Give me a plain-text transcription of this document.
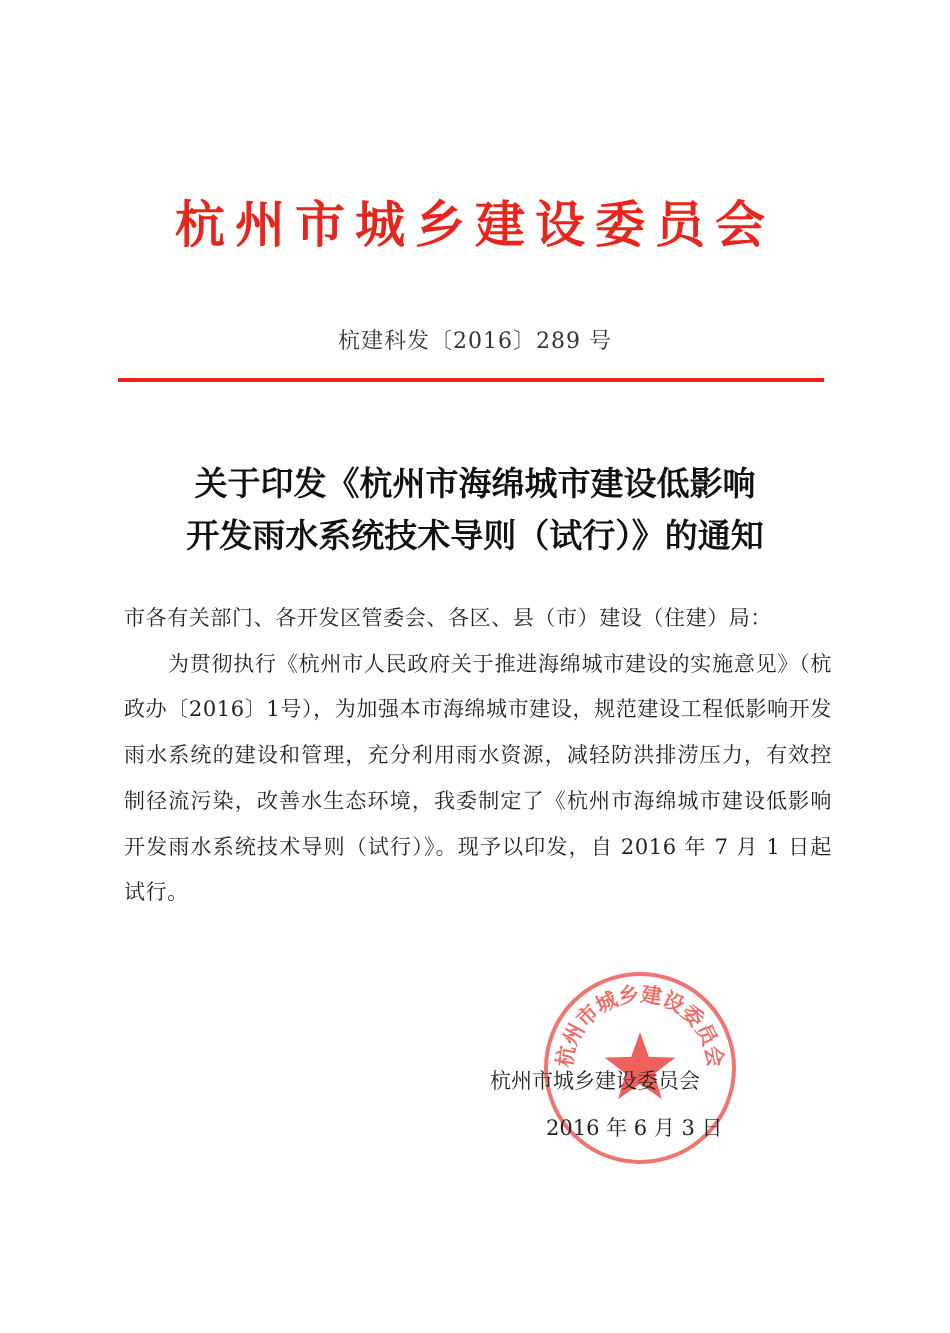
杭州市城乡建设委员会
杭建科发〔2016〕289 号
关于印发《杭州市海绵城市建设低影响
开发雨水系统技术导则（试行）》的通知

市各有关部门、各开发区管委会、各区、县（市）建设（住建）局：

为贯彻执行《杭州市人民政府关于推进海绵城市建设的实施意见》（杭政办〔2016〕1号），为加强本市海绵城市建设，规范建设工程低影响开发雨水系统的建设和管理，充分利用雨水资源，减轻防洪排涝压力，有效控制径流污染，改善水生态环境，我委制定了《杭州市海绵城市建设低影响开发雨水系统技术导则（试行）》。现予以印发，自 2016 年 7 月 1 日起试行。

杭州市城乡建设委员会
杭州市城乡建设委员会
2016 年 6 月 3 日
